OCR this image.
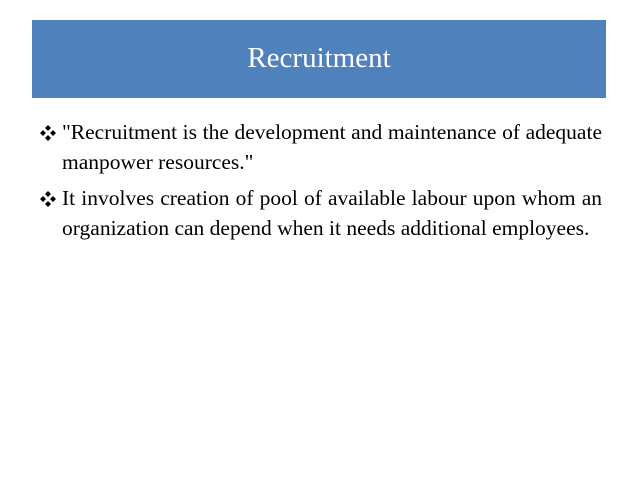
Recruitment

"Recruitment is the development and maintenance of adequate manpower resources."

It involves creation of pool of available labour upon whom an organization can depend when it needs additional employees.
